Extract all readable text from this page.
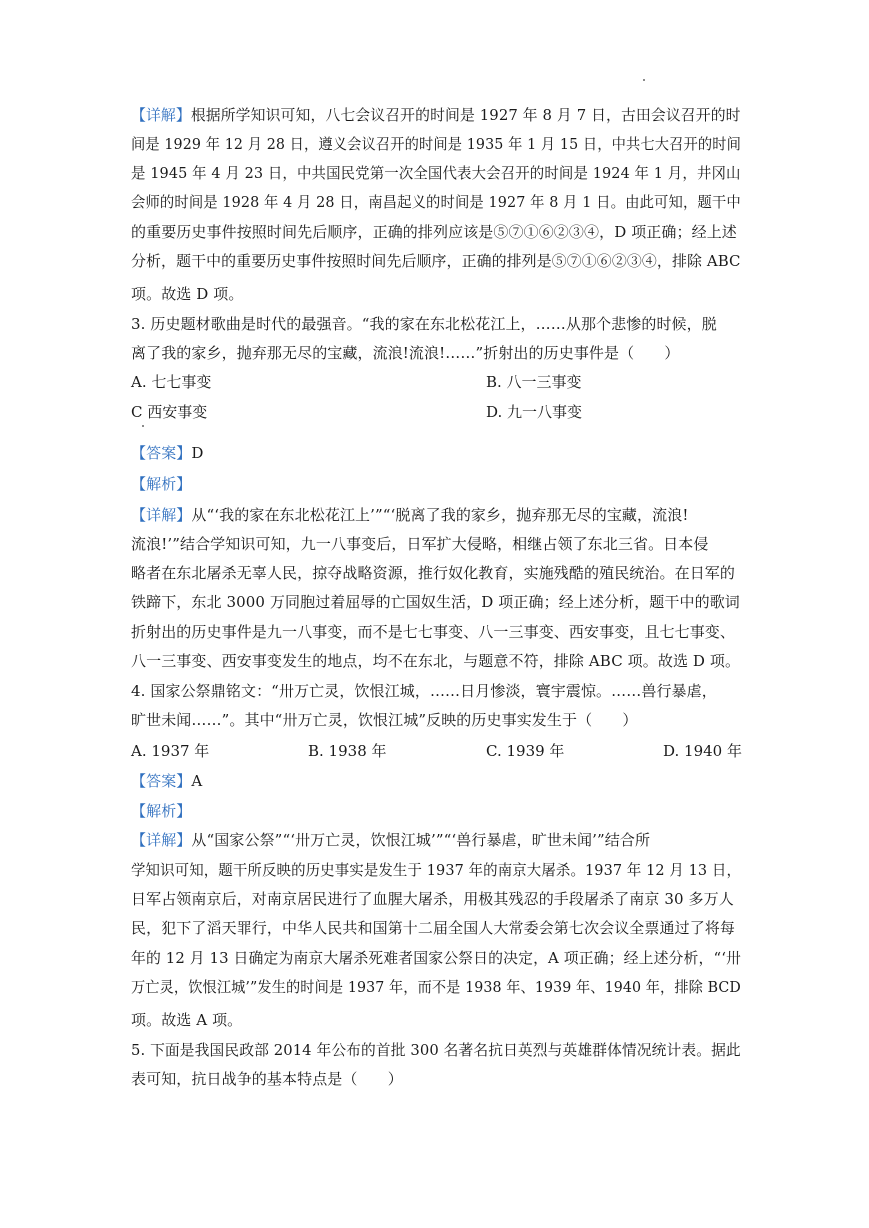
【详解】根据所学知识可知，八七会议召开的时间是 1927 年 8 月 7 日，古田会议召开的时
间是 1929 年 12 月 28 日，遵义会议召开的时间是 1935 年 1 月 15 日，中共七大召开的时间
是 1945 年 4 月 23 日，中共国民党第一次全国代表大会召开的时间是 1924 年 1 月，井冈山
会师的时间是 1928 年 4 月 28 日，南昌起义的时间是 1927 年 8 月 1 日。由此可知，题干中
的重要历史事件按照时间先后顺序，正确的排列应该是⑤⑦①⑥②③④，D 项正确；经上述
分析，题干中的重要历史事件按照时间先后顺序，正确的排列是⑤⑦①⑥②③④，排除 ABC
项。故选 D 项。
3. 历史题材歌曲是时代的最强音。“我的家在东北松花江上，……从那个悲惨的时候，脱
离了我的家乡，抛弃那无尽的宝藏，流浪!流浪!……”折射出的历史事件是（　　）
A. 七七事变	B. 八一三事变
C 西安事变	D. 九一八事变
【答案】D
【解析】
【详解】从“‘我的家在东北松花江上’”“‘脱离了我的家乡，抛弃那无尽的宝藏，流浪!
流浪!’”结合学知识可知，九一八事变后，日军扩大侵略，相继占领了东北三省。日本侵
略者在东北屠杀无辜人民，掠夺战略资源，推行奴化教育，实施残酷的殖民统治。在日军的
铁蹄下，东北 3000 万同胞过着屈辱的亡国奴生活，D 项正确；经上述分析，题干中的歌词
折射出的历史事件是九一八事变，而不是七七事变、八一三事变、西安事变，且七七事变、
八一三事变、西安事变发生的地点，均不在东北，与题意不符，排除 ABC 项。故选 D 项。
4. 国家公祭鼎铭文：“卅万亡灵，饮恨江城，……日月惨淡，寰宇震惊。……兽行暴虐，
旷世未闻……”。其中“卅万亡灵，饮恨江城”反映的历史事实发生于（　　）
A. 1937 年	B. 1938 年	C. 1939 年	D. 1940 年
【答案】A
【解析】
【详解】从“国家公祭”“‘卅万亡灵，饮恨江城’”“‘兽行暴虐，旷世未闻’”结合所
学知识可知，题干所反映的历史事实是发生于 1937 年的南京大屠杀。1937 年 12 月 13 日，
日军占领南京后，对南京居民进行了血腥大屠杀，用极其残忍的手段屠杀了南京 30 多万人
民，犯下了滔天罪行，中华人民共和国第十二届全国人大常委会第七次会议全票通过了将每
年的 12 月 13 日确定为南京大屠杀死难者国家公祭日的决定，A 项正确；经上述分析，“‘卅
万亡灵，饮恨江城’”发生的时间是 1937 年，而不是 1938 年、1939 年、1940 年，排除 BCD
项。故选 A 项。
5. 下面是我国民政部 2014 年公布的首批 300 名著名抗日英烈与英雄群体情况统计表。据此
表可知，抗日战争的基本特点是（　　）
